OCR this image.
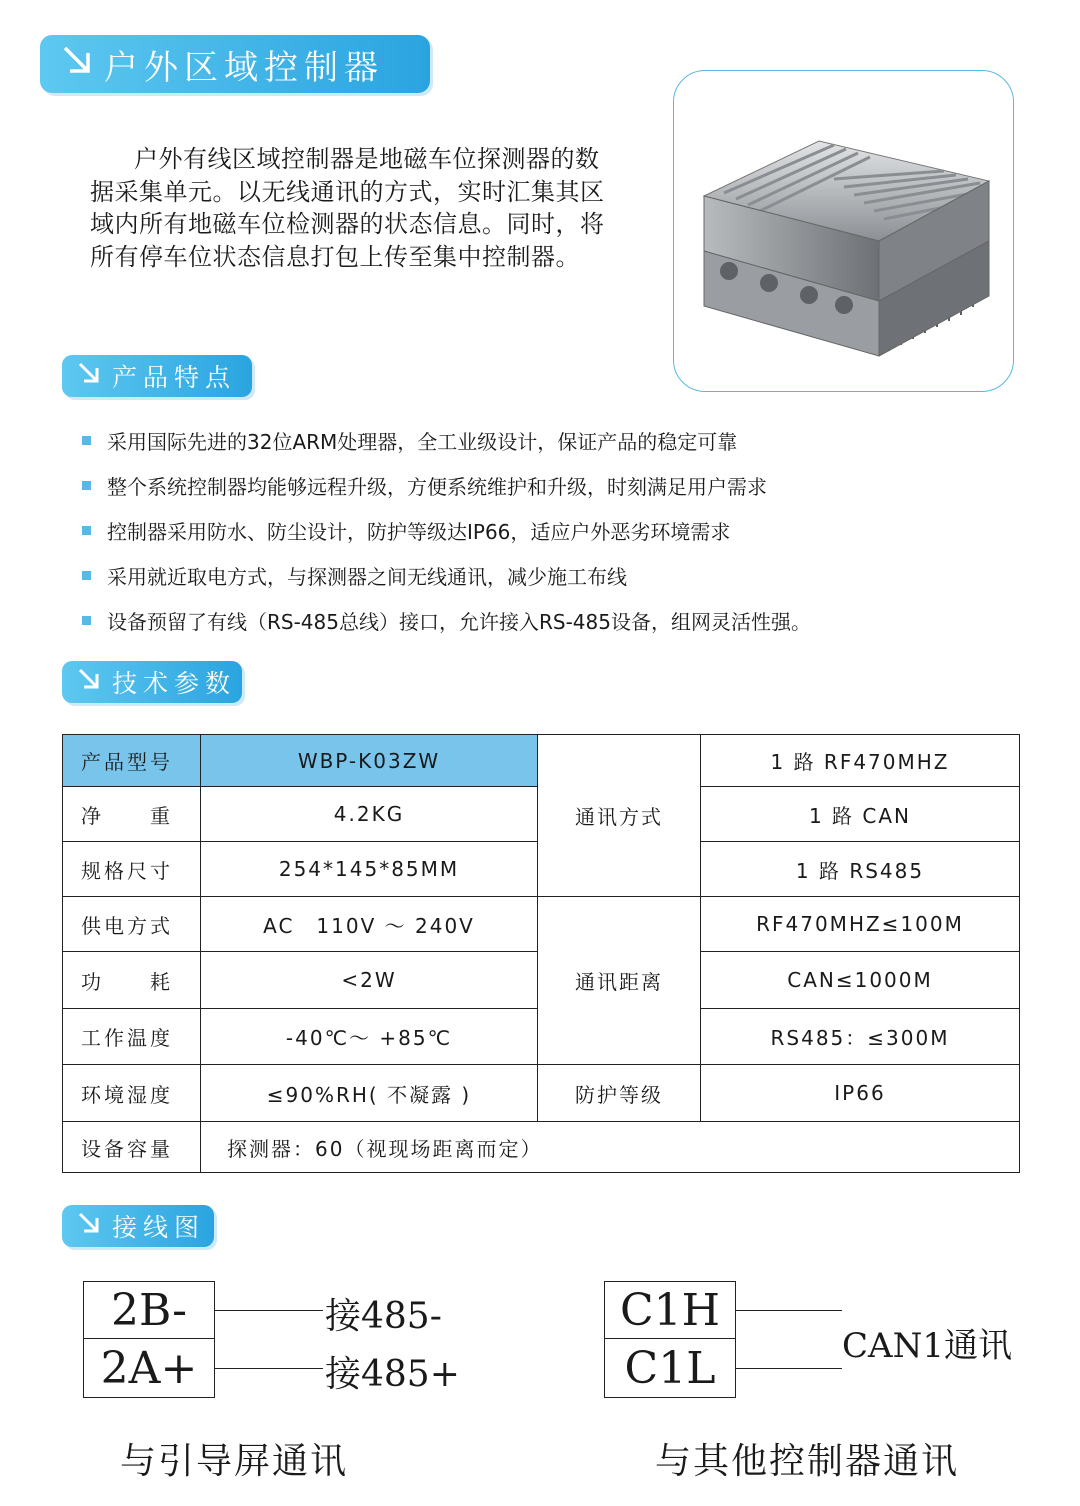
户外区域控制器

户外有线区域控制器是地磁车位探测器的数据采集单元。以无线通讯的方式，实时汇集其区域内所有地磁车位检测器的状态信息。同时，将所有停车位状态信息打包上传至集中控制器。

产品特点
采用国际先进的32位ARM处理器，全工业级设计，保证产品的稳定可靠
整个系统控制器均能够远程升级，方便系统维护和升级，时刻满足用户需求
控制器采用防水、防尘设计，防护等级达IP66，适应户外恶劣环境需求
采用就近取电方式，与探测器之间无线通讯，减少施工布线
设备预留了有线（RS-485总线）接口，允许接入RS-485设备，组网灵活性强。
技术参数
产品型号	WBP-K03ZW	通讯方式	1 路 RF470MHZ
净　　重	4.2KG		1 路 CAN
规格尺寸	254*145*85MM		1 路 RS485
供电方式	AC　110V ～ 240V	通讯距离	RF470MHZ≤100M
功　　耗	<2W		CAN≤1000M
工作温度	-40℃～ +85℃		RS485：≤300M
环境湿度	≤90%RH( 不凝露 )	防护等级	IP66
设备容量	探测器：60（视现场距离而定）		
接线图
2B-
2A+
接485-
接485+
与引导屏通讯
C1H
C1L	CAN1通讯
与其他控制器通讯
